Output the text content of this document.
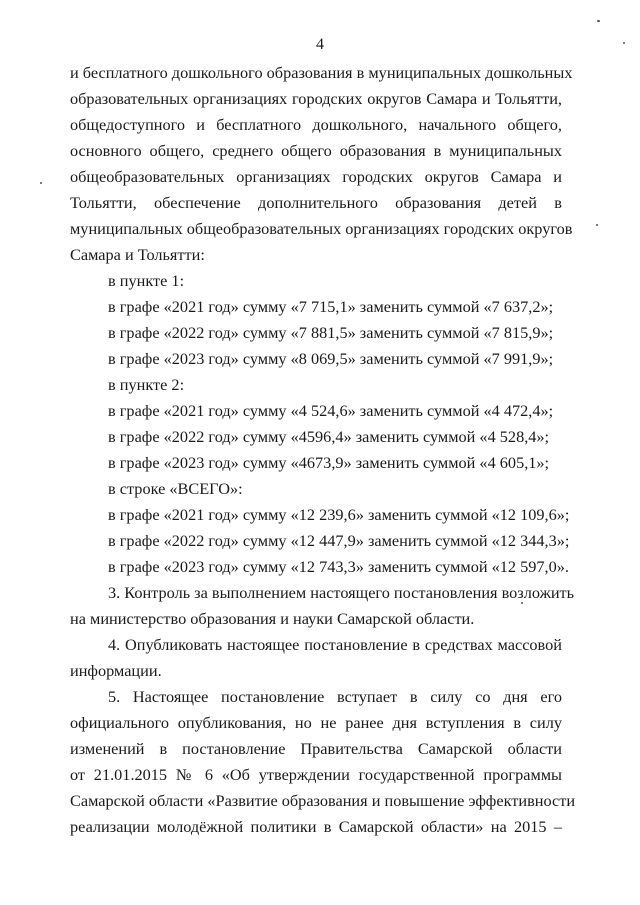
4
и бесплатного дошкольного образования в муниципальных дошкольных
образовательных организациях городских округов Самара и Тольятти,
общедоступного и бесплатного дошкольного, начального общего,
основного общего, среднего общего образования в муниципальных
общеобразовательных организациях городских округов Самара и
Тольятти, обеспечение дополнительного образования детей в
муниципальных общеобразовательных организациях городских округов
Самара и Тольятти:
в пункте 1:
в графе «2021 год» сумму «7 715,1» заменить суммой «7 637,2»;
в графе «2022 год» сумму «7 881,5» заменить суммой «7 815,9»;
в графе «2023 год» сумму «8 069,5» заменить суммой «7 991,9»;
в пункте 2:
в графе «2021 год» сумму «4 524,6» заменить суммой «4 472,4»;
в графе «2022 год» сумму «4596,4» заменить суммой «4 528,4»;
в графе «2023 год» сумму «4673,9» заменить суммой «4 605,1»;
в строке «ВСЕГО»:
в графе «2021 год» сумму «12 239,6» заменить суммой «12 109,6»;
в графе «2022 год» сумму «12 447,9» заменить суммой «12 344,3»;
в графе «2023 год» сумму «12 743,3» заменить суммой «12 597,0».
3. Контроль за выполнением настоящего постановления возложить
на министерство образования и науки Самарской области.
4. Опубликовать настоящее постановление в средствах массовой
информации.
5. Настоящее постановление вступает в силу со дня его
официального опубликования, но не ранее дня вступления в силу
изменений в постановление Правительства Самарской области
от 21.01.2015 № 6 «Об утверждении государственной программы
Самарской области «Развитие образования и повышение эффективности
реализации молодёжной политики в Самарской области» на 2015 –
